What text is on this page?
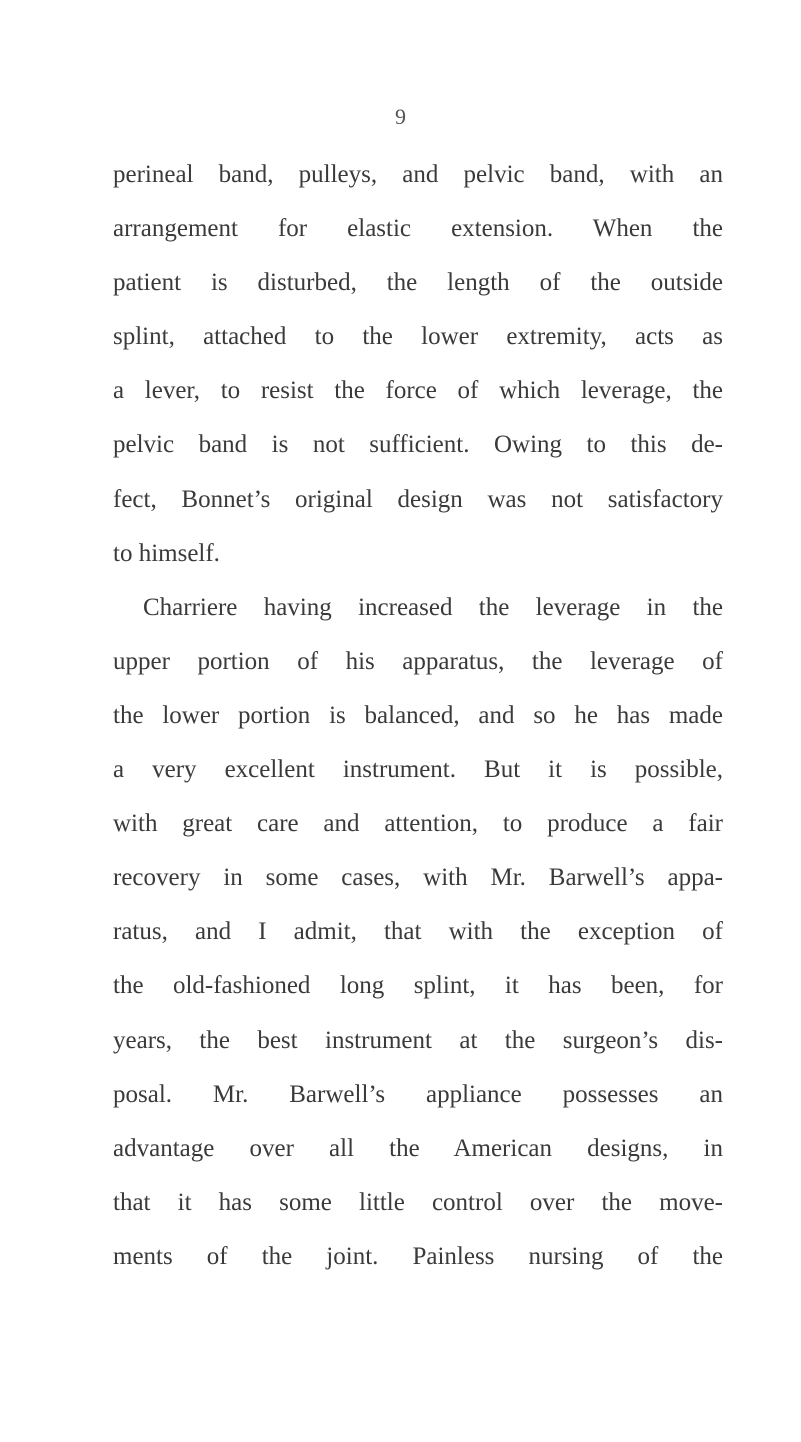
9
perineal band, pulleys, and pelvic band, with an
arrangement for elastic extension. When the
patient is disturbed, the length of the outside
splint, attached to the lower extremity, acts as
a lever, to resist the force of which leverage, the
pelvic band is not sufficient. Owing to this de-
fect, Bonnet’s original design was not satisfactory
to himself.
Charriere having increased the leverage in the
upper portion of his apparatus, the leverage of
the lower portion is balanced, and so he has made
a very excellent instrument. But it is possible,
with great care and attention, to produce a fair
recovery in some cases, with Mr. Barwell’s appa-
ratus, and I admit, that with the exception of
the old-fashioned long splint, it has been, for
years, the best instrument at the surgeon’s dis-
posal. Mr. Barwell’s appliance possesses an
advantage over all the American designs, in
that it has some little control over the move-
ments of the joint. Painless nursing of the
